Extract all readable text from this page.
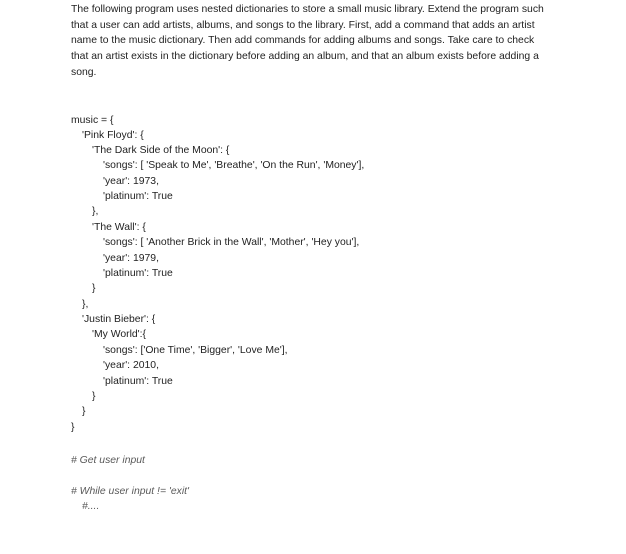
The following program uses nested dictionaries to store a small music library. Extend the program such
that a user can add artists, albums, and songs to the library. First, add a command that adds an artist
name to the music dictionary. Then add commands for adding albums and songs. Take care to check
that an artist exists in the dictionary before adding an album, and that an album exists before adding a
song.
music = {
'Pink Floyd': {
'The Dark Side of the Moon': {
'songs': [ 'Speak to Me', 'Breathe', 'On the Run', 'Money'],
'year': 1973,
'platinum': True
},
'The Wall': {
'songs': [ 'Another Brick in the Wall', 'Mother', 'Hey you'],
'year': 1979,
'platinum': True
}
},
'Justin Bieber': {
'My World':{
'songs': ['One Time', 'Bigger', 'Love Me'],
'year': 2010,
'platinum': True
}
}
}
# Get user input
# While user input != 'exit'
#....
